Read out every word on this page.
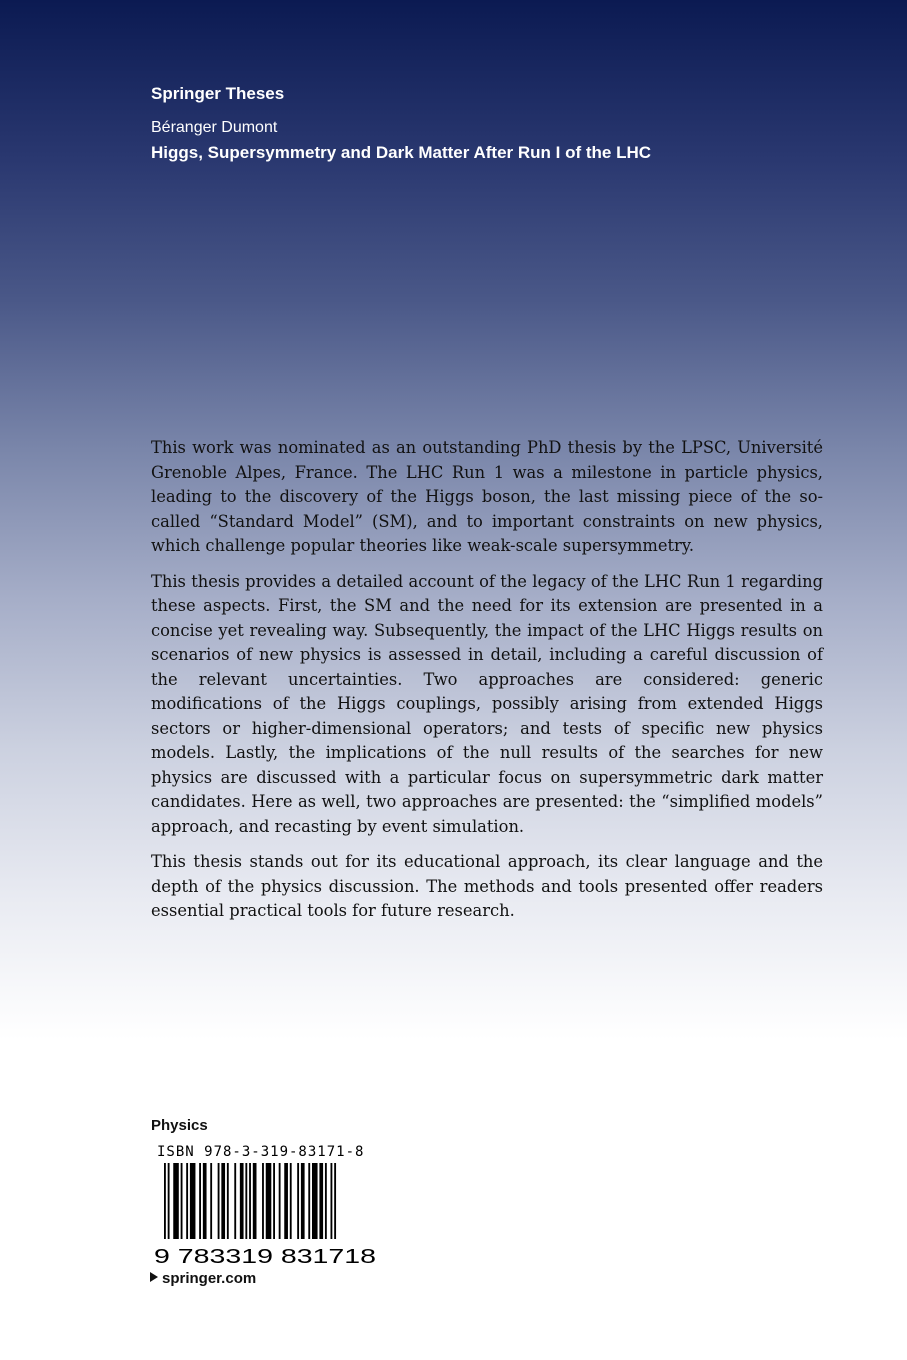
Springer Theses
Béranger Dumont
Higgs, Supersymmetry and Dark Matter After Run I of the LHC

This work was nominated as an outstanding PhD thesis by the LPSC, Université Grenoble Alpes, France. The LHC Run 1 was a milestone in particle physics, leading to the discovery of the Higgs boson, the last missing piece of the so-called “Standard Model” (SM), and to important constraints on new physics, which challenge popular theories like weak-scale supersymmetry.

This thesis provides a detailed account of the legacy of the LHC Run 1 regarding these aspects. First, the SM and the need for its extension are presented in a concise yet revealing way. Subsequently, the impact of the LHC Higgs results on scenarios of new physics is assessed in detail, including a careful discussion of the relevant uncertainties. Two approaches are considered: generic modifications of the Higgs couplings, possibly arising from extended Higgs sectors or higher-dimensional operators; and tests of specific new physics models. Lastly, the implications of the null results of the searches for new physics are discussed with a particular focus on supersymmetric dark matter candidates. Here as well, two approaches are presented: the “simplified models” approach, and recasting by event simulation.

This thesis stands out for its educational approach, its clear language and the depth of the physics discussion. The methods and tools presented offer readers essential practical tools for future research.

Physics
ISBN 978-3-319-83171-8
9 783319 831718
springer.com
